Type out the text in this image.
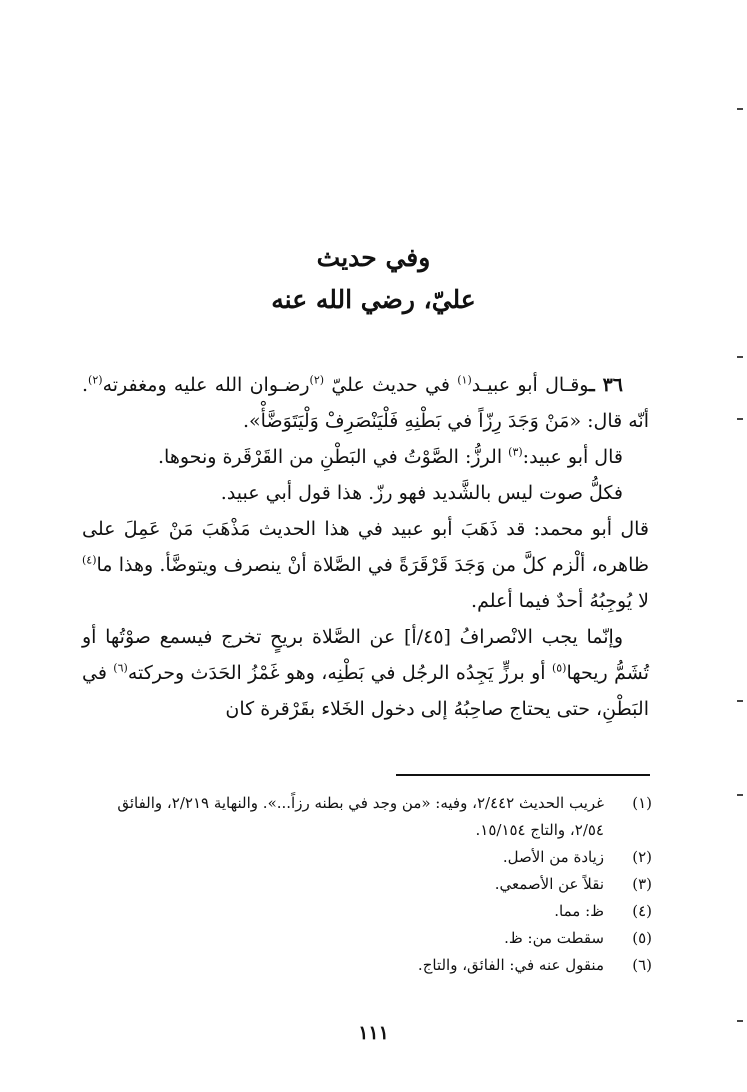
وفي حديث
عليّ، رضي الله عنه

٣٦ ـوقـال أبو عبيـد$^{(١)}$ في حديث عليّ $^{(٢)}$رضـوان الله عليه ومغفرته$^{(٢)}$. أنّه قال: «مَنْ وَجَدَ رِزّاً في بَطْنِهِ فَلْيَنْصَرِفْ وَلْيَتَوَضَّأْ».

قال أبو عبيد:$^{(٣)}$ الرزُّ: الصَّوْتُ في البَطْنِ من القَرْقَرة ونحوها.

فكلُّ صوت ليس بالشَّديد فهو رزّ. هذا قول أبي عبيد.

قال أبو محمد: قد ذَهَبَ أبو عبيد في هذا الحديث مَذْهَبَ مَنْ عَمِلَ على ظاهره، ألْزم كلَّ من وَجَدَ قَرْقَرَةً في الصَّلاة أنْ ينصرف ويتوضَّأ. وهذا ما$^{(٤)}$ لا يُوجِبُهُ أحدٌ فيما أعلم.

وإنّما يجب الانْصرافُ [٤٥/أ] عن الصَّلاة بريحٍ تخرج فيسمع صوْتُها أو تُشَمُّ ريحها$^{(٥)}$ أو برزٍّ يَجِدُه الرجُل في بَطْنِه، وهو غَمْزُ الحَدَث وحركته$^{(٦)}$ في البَطْنِ، حتى يحتاج صاحِبُهُ إلى دخول الخَلاء بقَرْقرة كان

(١)
غريب الحديث ٢/٤٤٢، وفيه: «من وجد في بطنه رزاً...». والنهاية ٢/٢١٩، والفائق ٢/٥٤، والتاج ١٥/١٥٤.
(٢)
زيادة من الأصل.
(٣)
نقلاً عن الأصمعي.
(٤)
ظ: مما.
(٥)
سقطت من: ظ.
(٦)
منقول عنه في: الفائق، والتاج.
١١١
